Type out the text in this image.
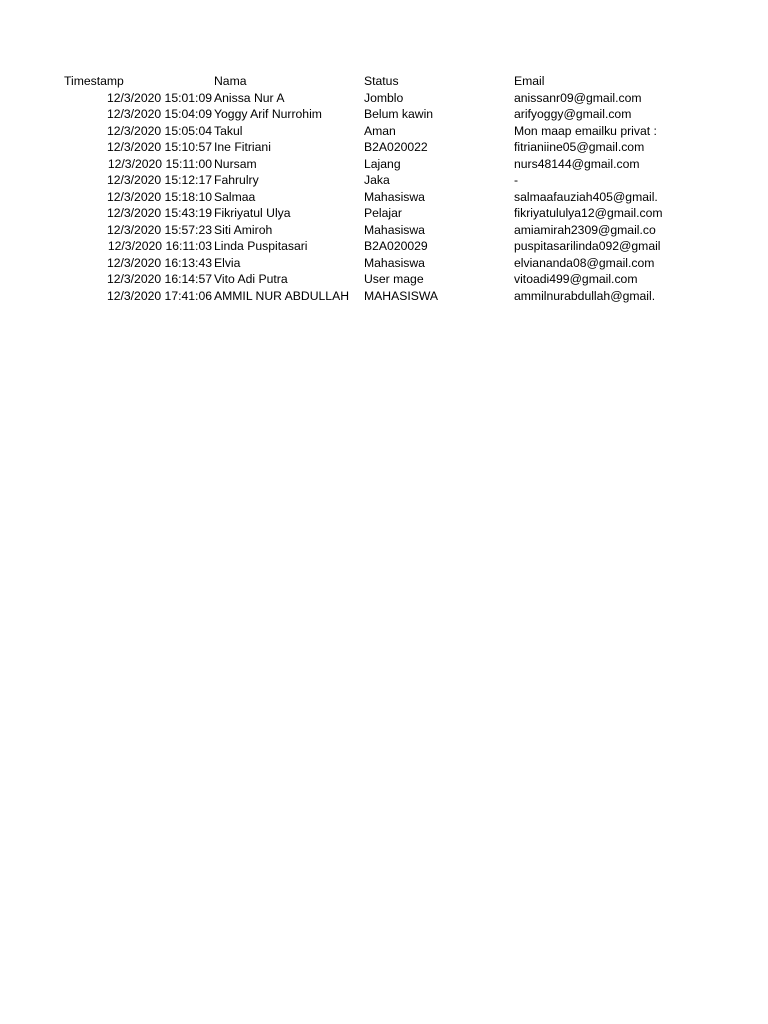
Timestamp	Nama	Status	Email
12/3/2020 15:01:09	Anissa Nur A	Jomblo	anissanr09@gmail.com
12/3/2020 15:04:09	Yoggy Arif Nurrohim	Belum kawin	arifyoggy@gmail.com
12/3/2020 15:05:04	Takul	Aman	Mon maap emailku privat :
12/3/2020 15:10:57	Ine Fitriani	B2A020022	fitrianiine05@gmail.com
12/3/2020 15:11:00	Nursam	Lajang	nurs48144@gmail.com
12/3/2020 15:12:17	Fahrulry	Jaka	-
12/3/2020 15:18:10	Salmaa	Mahasiswa	salmaafauziah405@gmail.
12/3/2020 15:43:19	Fikriyatul Ulya	Pelajar	fikriyatululya12@gmail.com
12/3/2020 15:57:23	Siti Amiroh	Mahasiswa	amiamirah2309@gmail.co
12/3/2020 16:11:03	Linda Puspitasari	B2A020029	puspitasarilinda092@gmail
12/3/2020 16:13:43	Elvia	Mahasiswa	elviananda08@gmail.com
12/3/2020 16:14:57	Vito Adi Putra	User mage	vitoadi499@gmail.com
12/3/2020 17:41:06	AMMIL NUR ABDULLAH	MAHASISWA	ammilnurabdullah@gmail.
